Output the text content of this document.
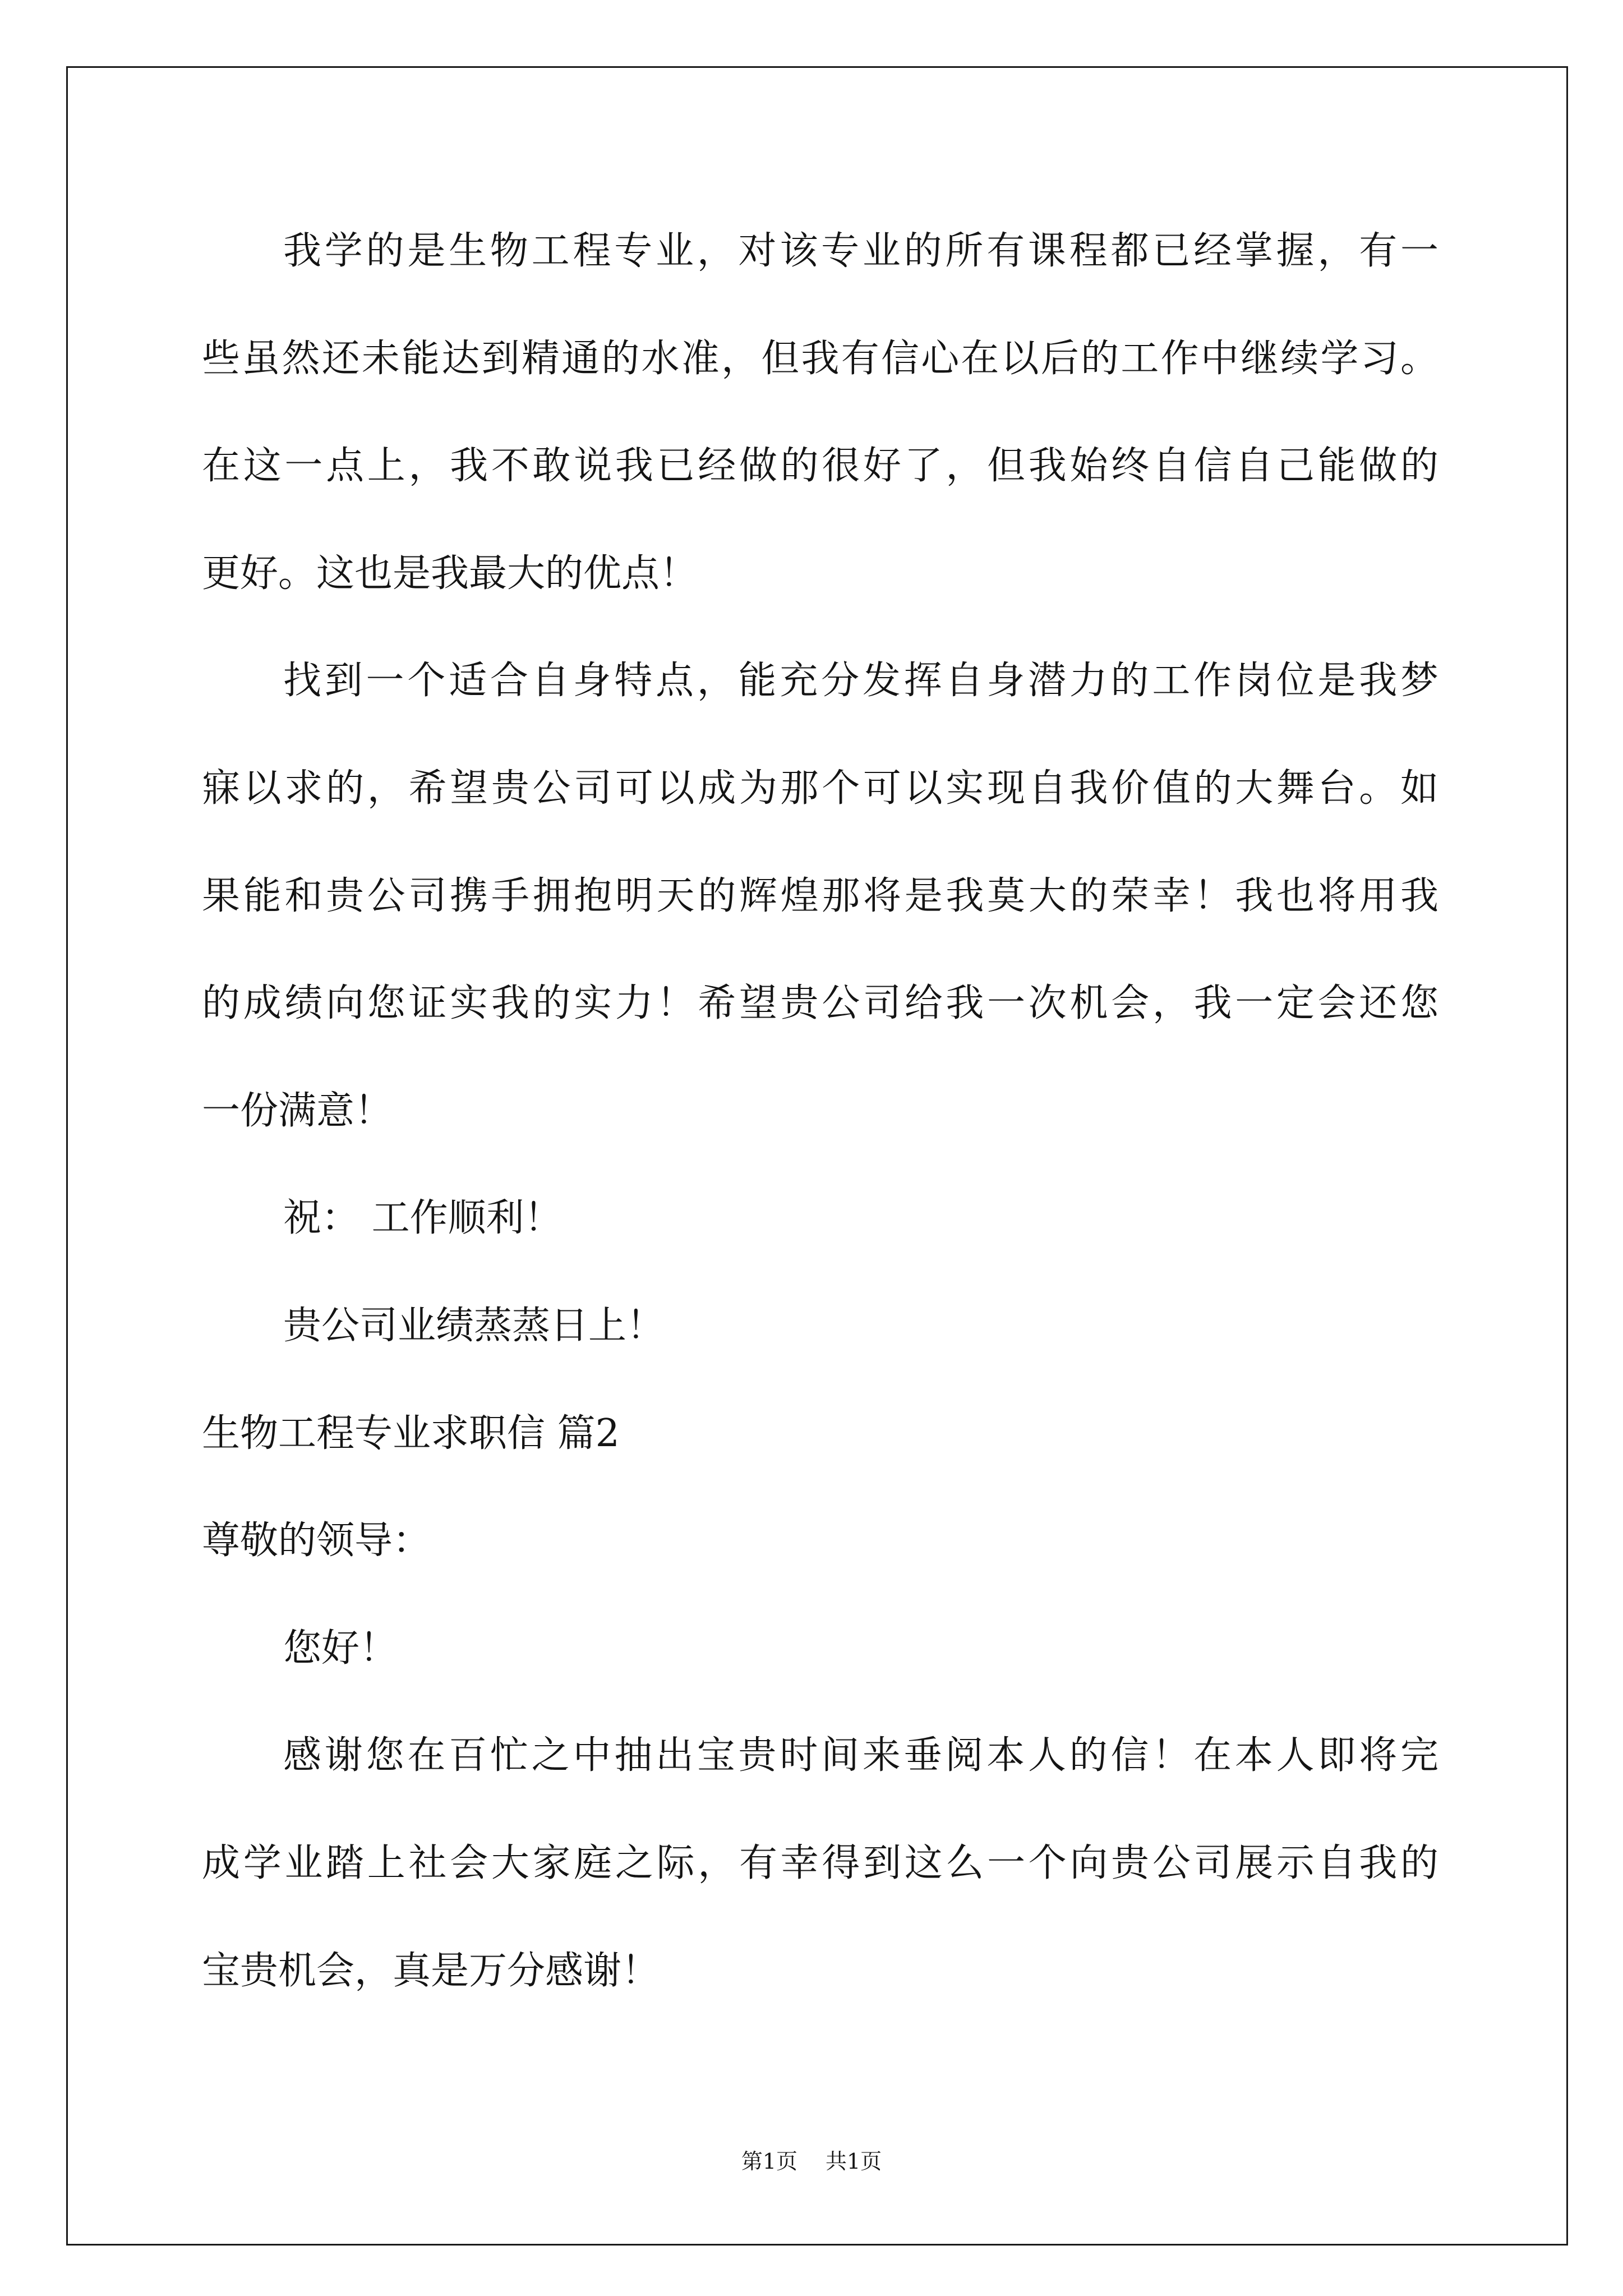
我学的是生物工程专业，对该专业的所有课程都已经掌握，有一
些虽然还未能达到精通的水准，但我有信心在以后的工作中继续学习。
在这一点上，我不敢说我已经做的很好了，但我始终自信自己能做的
更好。这也是我最大的优点！
找到一个适合自身特点，能充分发挥自身潜力的工作岗位是我梦
寐以求的，希望贵公司可以成为那个可以实现自我价值的大舞台。如
果能和贵公司携手拥抱明天的辉煌那将是我莫大的荣幸！我也将用我
的成绩向您证实我的实力！希望贵公司给我一次机会，我一定会还您
一份满意！
祝： 工作顺利！
贵公司业绩蒸蒸日上！
生物工程专业求职信 篇2
尊敬的领导：
您好！
感谢您在百忙之中抽出宝贵时间来垂阅本人的信！在本人即将完
成学业踏上社会大家庭之际，有幸得到这么一个向贵公司展示自我的
宝贵机会，真是万分感谢！
第1页 共1页
